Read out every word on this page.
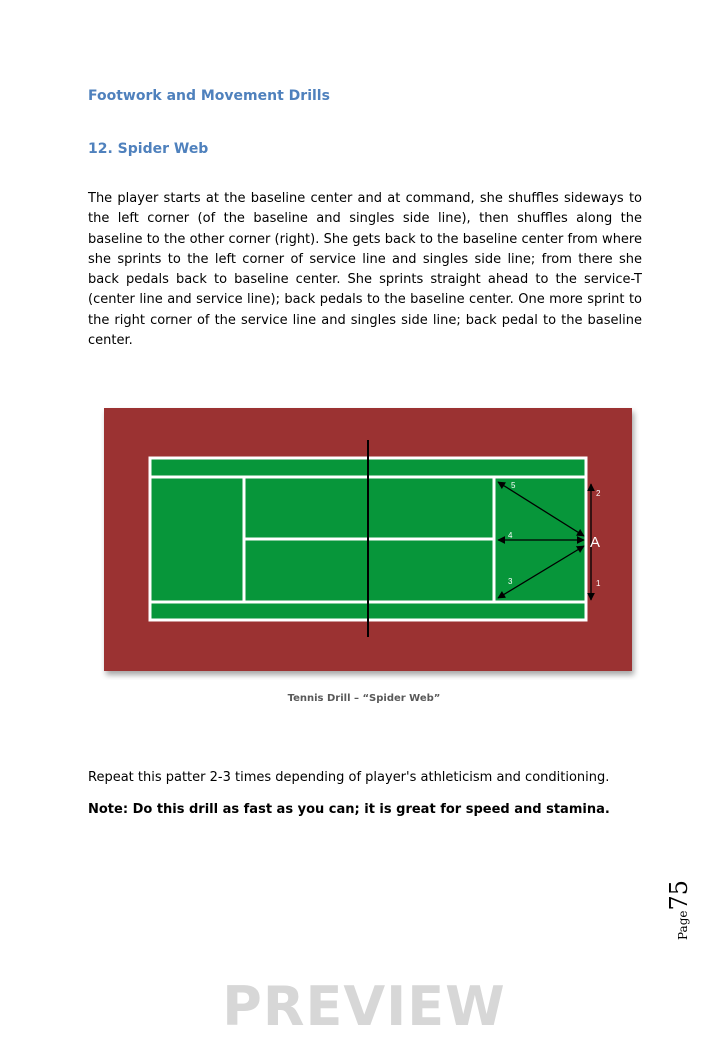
Footwork and Movement Drills
12. Spider Web

The player starts at the baseline center and at command, she shuffles sideways to the left corner (of the baseline and singles side line), then shuffles along the baseline to the other corner (right). She gets back to the baseline center from where she sprints to the left corner of service line and singles side line; from there she back pedals back to baseline center. She sprints straight ahead to the service-T (center line and service line); back pedals to the baseline center. One more sprint to the right corner of the service line and singles side line; back pedal to the baseline center.

1
2
3
4
5
A

Tennis Drill – “Spider Web”

Repeat this patter 2-3 times depending of player's athleticism and conditioning.

Note: Do this drill as fast as you can; it is great for speed and stamina.

Page75
PREVIEW
